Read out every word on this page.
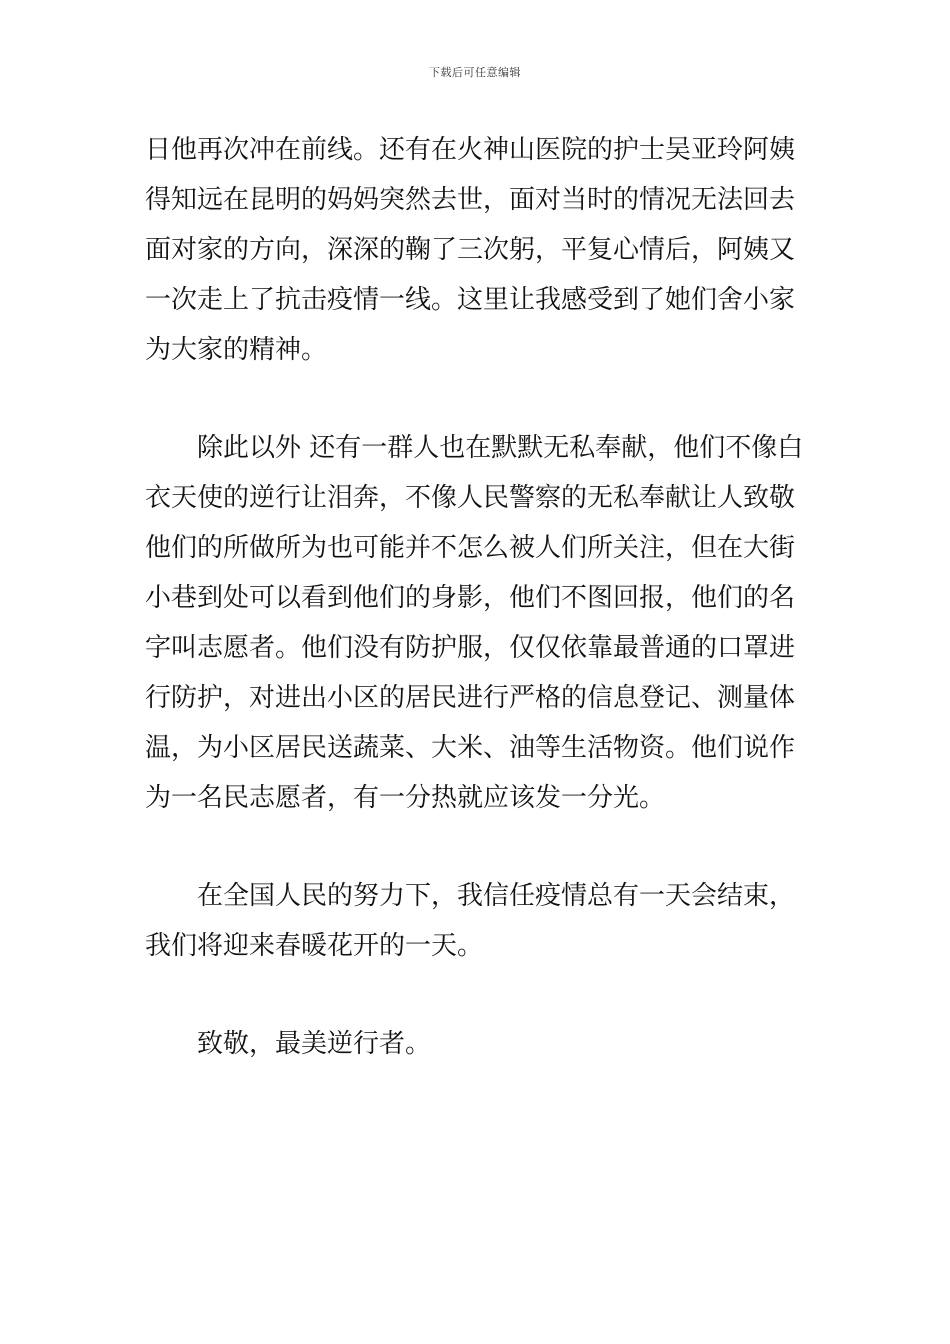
下载后可任意编辑
日他再次冲在前线。还有在火神山医院的护士吴亚玲阿姨
得知远在昆明的妈妈突然去世，面对当时的情况无法回去
面对家的方向，深深的鞠了三次躬，平复心情后，阿姨又
一次走上了抗击疫情一线。这里让我感受到了她们舍小家
为大家的精神。
除此以外 还有一群人也在默默无私奉献，他们不像白
衣天使的逆行让泪奔，不像人民警察的无私奉献让人致敬
他们的所做所为也可能并不怎么被人们所关注，但在大街
小巷到处可以看到他们的身影，他们不图回报，他们的名
字叫志愿者。他们没有防护服，仅仅依靠最普通的口罩进
行防护，对进出小区的居民进行严格的信息登记、测量体
温，为小区居民送蔬菜、大米、油等生活物资。他们说作
为一名民志愿者，有一分热就应该发一分光。
在全国人民的努力下，我信任疫情总有一天会结束，
我们将迎来春暖花开的一天。
致敬，最美逆行者。
